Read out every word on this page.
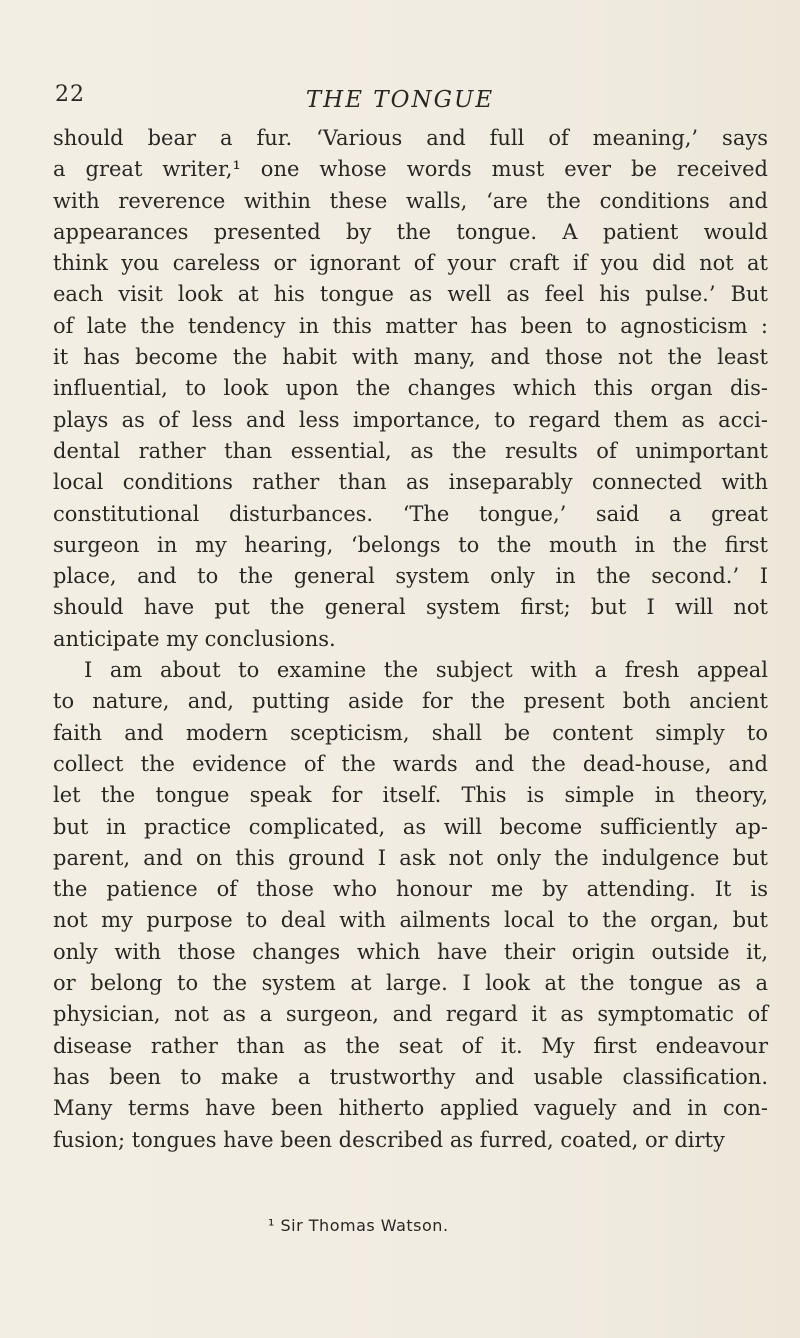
22	THE TONGUE

should bear a fur. ‘Various and full of meaning,’ says

a great writer,¹ one whose words must ever be received

with reverence within these walls, ‘are the conditions and

appearances presented by the tongue. A patient would

think you careless or ignorant of your craft if you did not at

each visit look at his tongue as well as feel his pulse.’ But

of late the tendency in this matter has been to agnosticism :

it has become the habit with many, and those not the least

influential, to look upon the changes which this organ dis-

plays as of less and less importance, to regard them as acci-

dental rather than essential, as the results of unimportant

local conditions rather than as inseparably connected with

constitutional disturbances. ‘The tongue,’ said a great

surgeon in my hearing, ‘belongs to the mouth in the first

place, and to the general system only in the second.’ I

should have put the general system first; but I will not

anticipate my conclusions.

I am about to examine the subject with a fresh appeal

to nature, and, putting aside for the present both ancient

faith and modern scepticism, shall be content simply to

collect the evidence of the wards and the dead-house, and

let the tongue speak for itself. This is simple in theory,

but in practice complicated, as will become sufficiently ap-

parent, and on this ground I ask not only the indulgence but

the patience of those who honour me by attending. It is

not my purpose to deal with ailments local to the organ, but

only with those changes which have their origin outside it,

or belong to the system at large. I look at the tongue as a

physician, not as a surgeon, and regard it as symptomatic of

disease rather than as the seat of it. My first endeavour

has been to make a trustworthy and usable classification.

Many terms have been hitherto applied vaguely and in con-

fusion; tongues have been described as furred, coated, or dirty

¹ Sir Thomas Watson.
